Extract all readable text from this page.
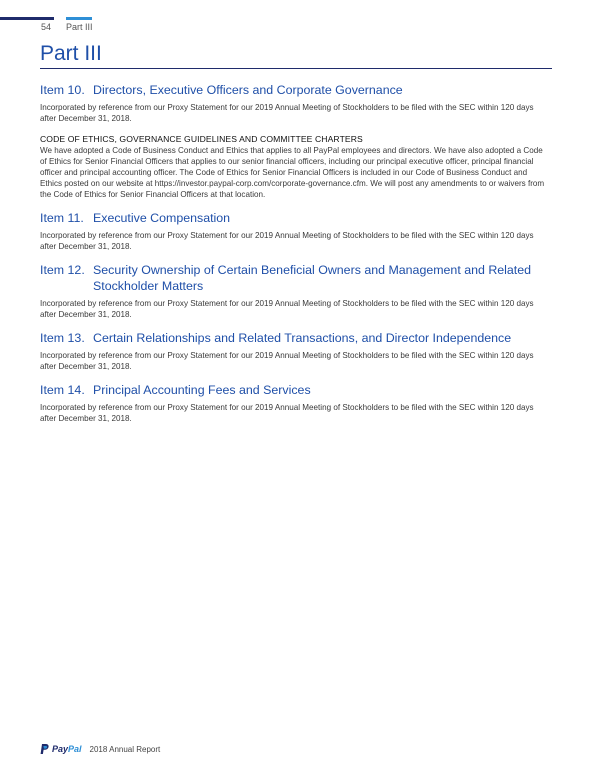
54 Part III
Part III
Item 10. Directors, Executive Officers and Corporate Governance

Incorporated by reference from our Proxy Statement for our 2019 Annual Meeting of Stockholders to be filed with the SEC within 120 days after December 31, 2018.

CODE OF ETHICS, GOVERNANCE GUIDELINES AND COMMITTEE CHARTERS

We have adopted a Code of Business Conduct and Ethics that applies to all PayPal employees and directors. We have also adopted a Code of Ethics for Senior Financial Officers that applies to our senior financial officers, including our principal executive officer, principal financial officer and principal accounting officer. The Code of Ethics for Senior Financial Officers is included in our Code of Business Conduct and Ethics posted on our website at https://investor.paypal-corp.com/corporate-governance.cfm. We will post any amendments to or waivers from the Code of Ethics for Senior Financial Officers at that location.

Item 11. Executive Compensation

Incorporated by reference from our Proxy Statement for our 2019 Annual Meeting of Stockholders to be filed with the SEC within 120 days after December 31, 2018.

Item 12. Security Ownership of Certain Beneficial Owners and Management and Related Stockholder Matters

Incorporated by reference from our Proxy Statement for our 2019 Annual Meeting of Stockholders to be filed with the SEC within 120 days after December 31, 2018.

Item 13. Certain Relationships and Related Transactions, and Director Independence

Incorporated by reference from our Proxy Statement for our 2019 Annual Meeting of Stockholders to be filed with the SEC within 120 days after December 31, 2018.

Item 14. Principal Accounting Fees and Services

Incorporated by reference from our Proxy Statement for our 2019 Annual Meeting of Stockholders to be filed with the SEC within 120 days after December 31, 2018.

Pay Pal 2018 Annual Report
